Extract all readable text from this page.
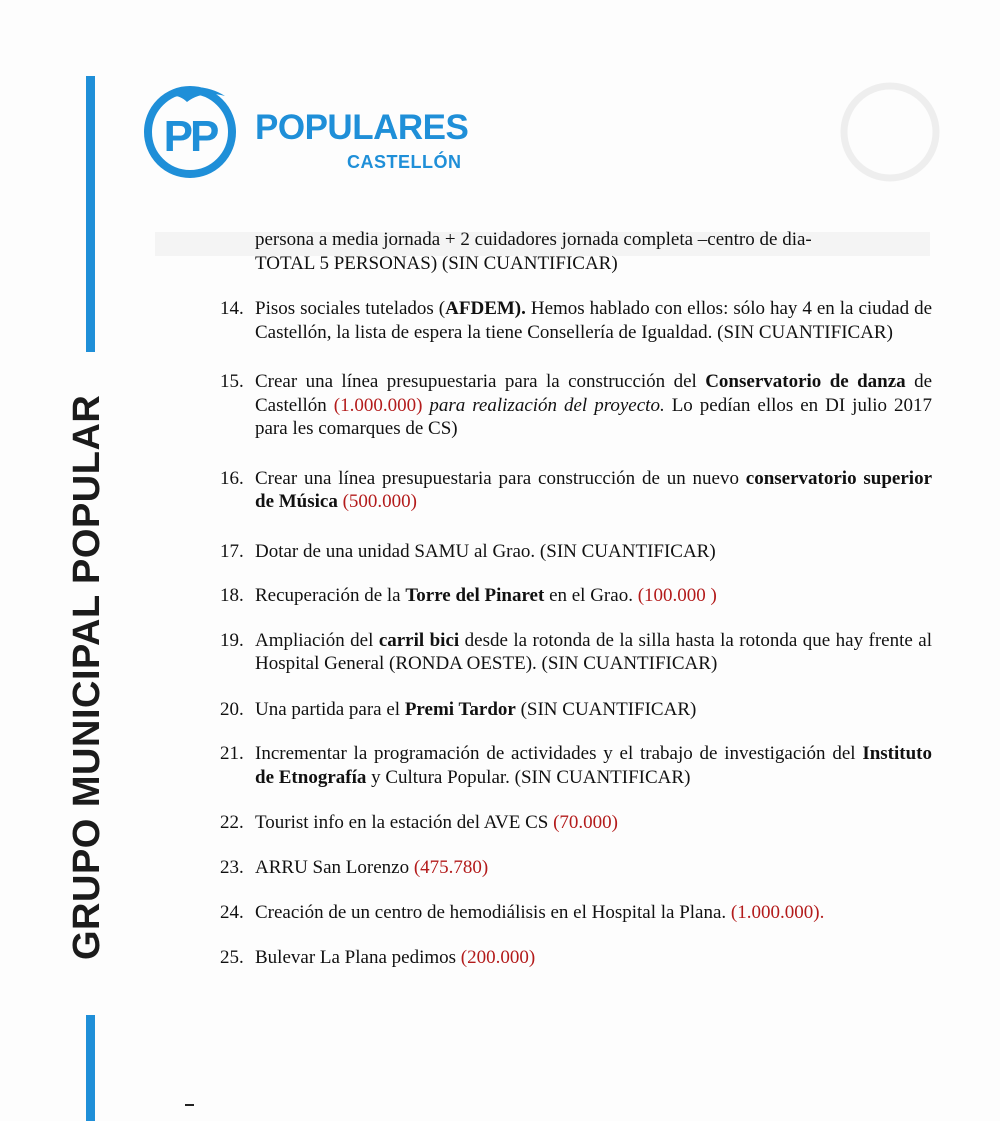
GRUPO MUNICIPAL POPULAR
PP POPULARES
CASTELLÓN
persona a media jornada + 2 cuidadores jornada completa –centro de dia-
TOTAL 5 PERSONAS) (SIN CUANTIFICAR)
14. Pisos sociales tutelados (AFDEM). Hemos hablado con ellos: sólo hay 4 en la ciudad de Castellón, la lista de espera la tiene Consellería de Igualdad. (SIN CUANTIFICAR)
15. Crear una línea presupuestaria para la construcción del Conservatorio de danza de Castellón (1.000.000) para realización del proyecto. Lo pedían ellos en DI julio 2017 para les comarques de CS)
16. Crear una línea presupuestaria para construcción de un nuevo conservatorio superior de Música (500.000)
17. Dotar de una unidad SAMU al Grao. (SIN CUANTIFICAR)
18. Recuperación de la Torre del Pinaret en el Grao. (100.000 )
19. Ampliación del carril bici desde la rotonda de la silla hasta la rotonda que hay frente al Hospital General (RONDA OESTE). (SIN CUANTIFICAR)
20. Una partida para el Premi Tardor (SIN CUANTIFICAR)
21. Incrementar la programación de actividades y el trabajo de investigación del Instituto de Etnografía y Cultura Popular. (SIN CUANTIFICAR)
22. Tourist info en la estación del AVE CS (70.000)
23. ARRU San Lorenzo (475.780)
24. Creación de un centro de hemodiálisis en el Hospital la Plana. (1.000.000).
25. Bulevar La Plana pedimos (200.000)
